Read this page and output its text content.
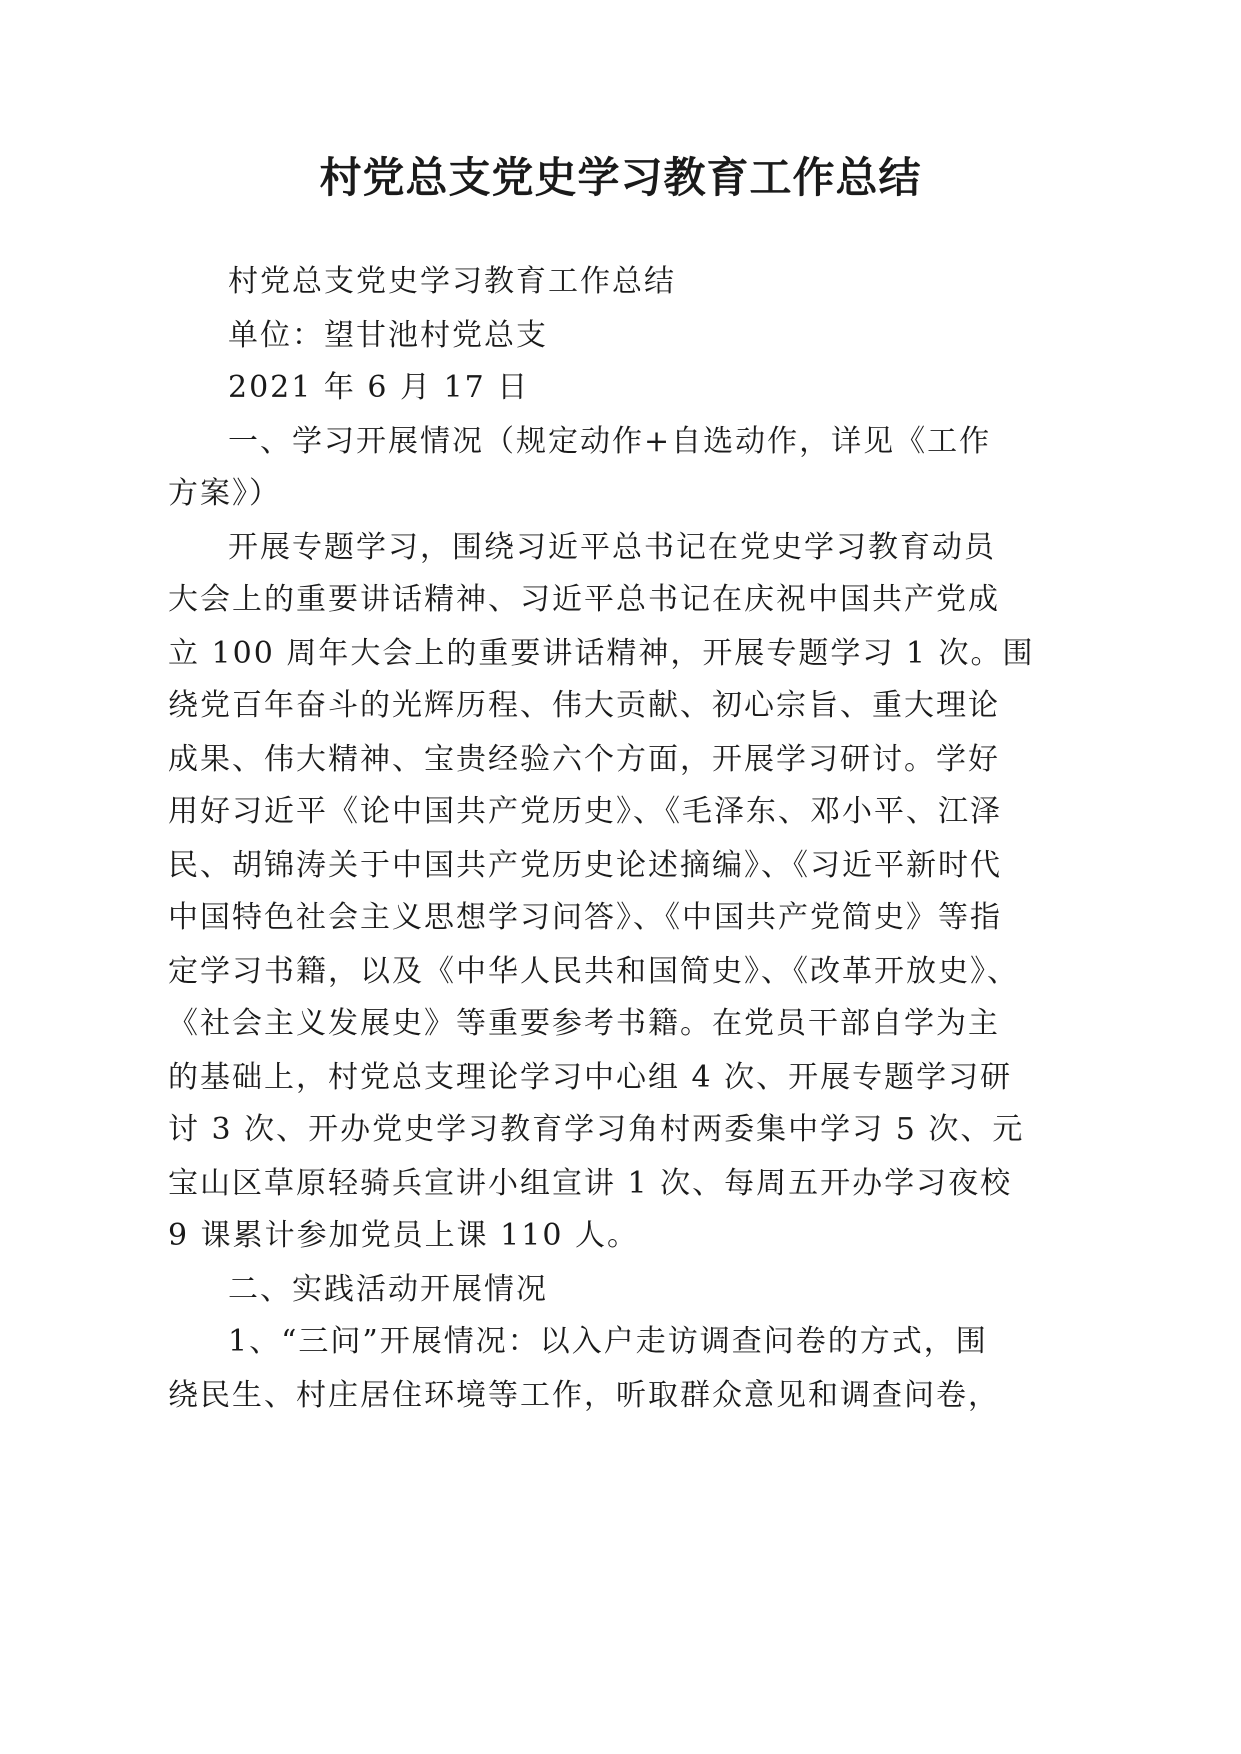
村党总支党史学习教育工作总结
村党总支党史学习教育工作总结
单位：望甘池村党总支
2021 年 6 月 17 日
一、学习开展情况（规定动作+自选动作，详见《工作
方案》）
开展专题学习，围绕习近平总书记在党史学习教育动员
大会上的重要讲话精神、习近平总书记在庆祝中国共产党成
立 100 周年大会上的重要讲话精神，开展专题学习 1 次。围
绕党百年奋斗的光辉历程、伟大贡献、初心宗旨、重大理论
成果、伟大精神、宝贵经验六个方面，开展学习研讨。学好
用好习近平《论中国共产党历史》、《毛泽东、邓小平、江泽
民、胡锦涛关于中国共产党历史论述摘编》、《习近平新时代
中国特色社会主义思想学习问答》、《中国共产党简史》等指
定学习书籍，以及《中华人民共和国简史》、《改革开放史》、
《社会主义发展史》等重要参考书籍。在党员干部自学为主
的基础上，村党总支理论学习中心组 4 次、开展专题学习研
讨 3 次、开办党史学习教育学习角村两委集中学习 5 次、元
宝山区草原轻骑兵宣讲小组宣讲 1 次、每周五开办学习夜校
9 课累计参加党员上课 110 人。
二、实践活动开展情况
1、“三问”开展情况：以入户走访调查问卷的方式，围
绕民生、村庄居住环境等工作，听取群众意见和调查问卷，
